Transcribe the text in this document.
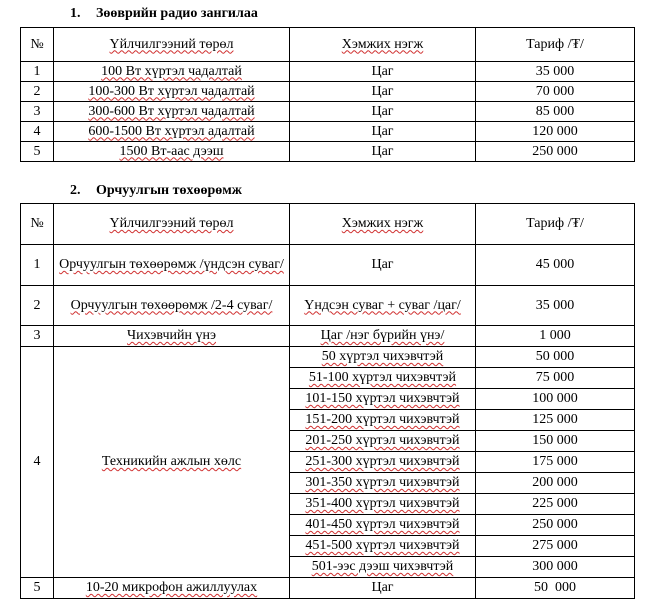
1. Зөөврийн радио зангилаа
№	Үйлчилгээний төрөл	Хэмжих нэгж	Тариф /₮/
1	100 Вт хүртэл чадалтай	Цаг	35 000
2	100-300 Вт хүртэл чадалтай	Цаг	70 000
3	300-600 Вт хүртэл чадалтай	Цаг	85 000
4	600-1500 Вт хүртэл адалтай	Цаг	120 000
5	1500 Вт-аас дээш	Цаг	250 000
2. Орчуулгын төхөөрөмж
№	Үйлчилгээний төрөл	Хэмжих нэгж	Тариф /₮/
1	Орчуулгын төхөөрөмж /үндсэн суваг/	Цаг	45 000
2	Орчуулгын төхөөрөмж /2-4 суваг/	Үндсэн суваг + суваг /цаг/	35 000
3	Чихэвчийн үнэ	Цаг /нэг бүрийн үнэ/	1 000
4	Техникийн ажлын хөлс	50 хүртэл чихэвчтэй	50 000
		51-100 хүртэл чихэвчтэй	75 000
		101-150 хүртэл чихэвчтэй	100 000
		151-200 хүртэл чихэвчтэй	125 000
		201-250 хүртэл чихэвчтэй	150 000
		251-300 хүртэл чихэвчтэй	175 000
		301-350 хүртэл чихэвчтэй	200 000
		351-400 хүртэл чихэвчтэй	225 000
		401-450 хүртэл чихэвчтэй	250 000
		451-500 хүртэл чихэвчтэй	275 000
		501-ээс дээш чихэвчтэй	300 000
5	10-20 микрофон ажиллуулах	Цаг	50  000
